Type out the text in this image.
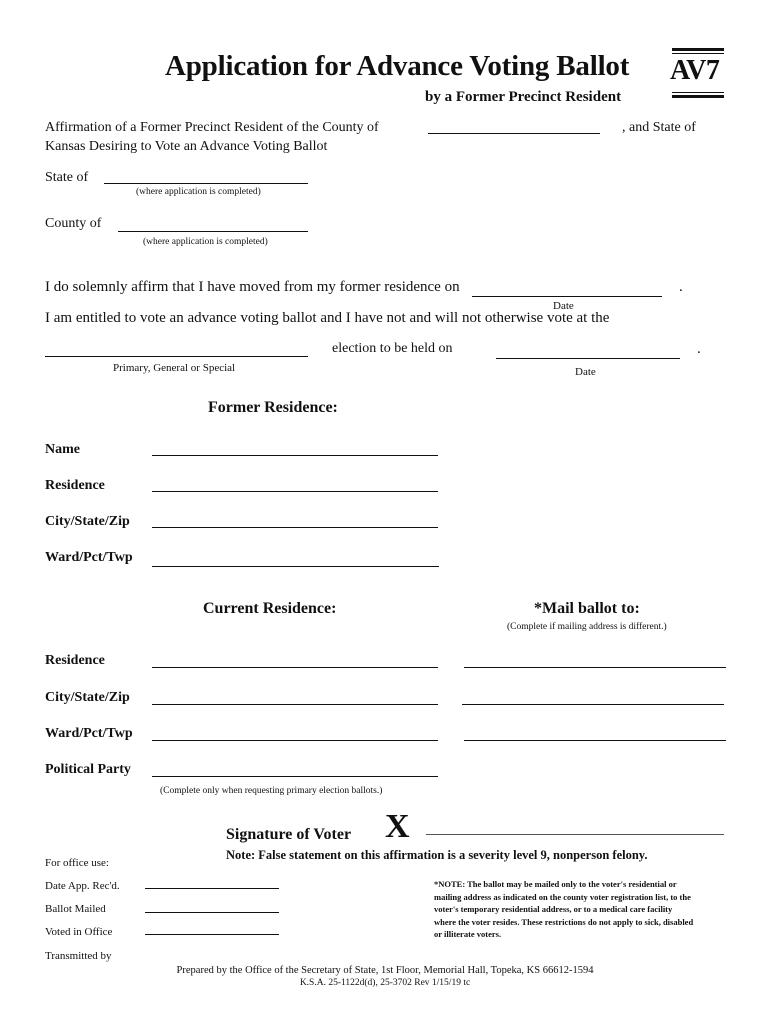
Application for Advance Voting Ballot
by a Former Precinct Resident
AV7
Affirmation of a Former Precinct Resident of the County of	, and State of
Kansas Desiring to Vote an Advance Voting Ballot
State of
(where application is completed)
County of
(where application is completed)
I do solemnly affirm that I have moved from my former residence on	.
Date
I am entitled to vote an advance voting ballot and I have not and will not otherwise vote at the
election to be held on	.
Primary, General or Special	Date
Former Residence:
Name
Residence
City/State/Zip
Ward/Pct/Twp
Current Residence:	*Mail ballot to:
(Complete if mailing address is different.)
Residence
City/State/Zip
Ward/Pct/Twp
Political Party
(Complete only when requesting primary election ballots.)
Signature of Voter X
Note: False statement on this affirmation is a severity level 9, nonperson felony.
For office use:
Date App. Rec'd.
Ballot Mailed
Voted in Office
Transmitted by
*NOTE: The ballot may be mailed only to the voter's residential or mailing address as indicated on the county voter registration list, to the voter's temporary residential address, or to a medical care facility where the voter resides. These restrictions do not apply to sick, disabled or illiterate voters.
Prepared by the Office of the Secretary of State, 1st Floor, Memorial Hall, Topeka, KS 66612-1594
K.S.A. 25-1122d(d), 25-3702 Rev 1/15/19 tc
